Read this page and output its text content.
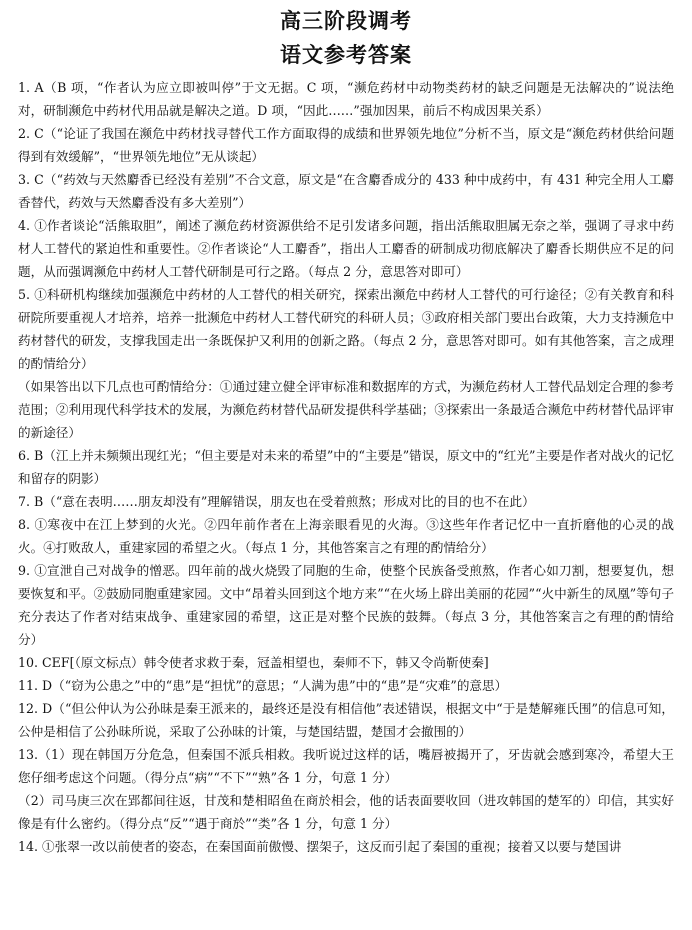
高三阶段调考
语文参考答案

1. A（B 项，“作者认为应立即被叫停”于文无据。C 项，“濒危药材中动物类药材的缺乏问题是无法解决的”说法绝对，研制濒危中药材代用品就是解决之道。D 项，“因此……”强加因果，前后不构成因果关系）

2. C（“论证了我国在濒危中药材找寻替代工作方面取得的成绩和世界领先地位”分析不当，原文是“濒危药材供给问题得到有效缓解”，“世界领先地位”无从谈起）

3. C（“药效与天然麝香已经没有差别”不合文意，原文是“在含麝香成分的 433 种中成药中，有 431 种完全用人工麝香替代，药效与天然麝香没有多大差别”）

4. ①作者谈论“活熊取胆”，阐述了濒危药材资源供给不足引发诸多问题，指出活熊取胆属无奈之举，强调了寻求中药材人工替代的紧迫性和重要性。②作者谈论“人工麝香”，指出人工麝香的研制成功彻底解决了麝香长期供应不足的问题，从而强调濒危中药材人工替代研制是可行之路。（每点 2 分，意思答对即可）

5. ①科研机构继续加强濒危中药材的人工替代的相关研究，探索出濒危中药材人工替代的可行途径；②有关教育和科研院所要重视人才培养，培养一批濒危中药材人工替代研究的科研人员；③政府相关部门要出台政策，大力支持濒危中药材替代的研发，支撑我国走出一条既保护又利用的创新之路。（每点 2 分，意思答对即可。如有其他答案，言之成理的酌情给分）

（如果答出以下几点也可酌情给分：①通过建立健全评审标准和数据库的方式，为濒危药材人工替代品划定合理的参考范围；②利用现代科学技术的发展，为濒危药材替代品研发提供科学基础；③探索出一条最适合濒危中药材替代品评审的新途径）

6. B（江上并未频频出现红光；“但主要是对未来的希望”中的“主要是”错误，原文中的“红光”主要是作者对战火的记忆和留存的阴影）

7. B（“意在表明……朋友却没有”理解错误，朋友也在受着煎熬；形成对比的目的也不在此）

8. ①寒夜中在江上梦到的火光。②四年前作者在上海亲眼看见的火海。③这些年作者记忆中一直折磨他的心灵的战火。④打败敌人，重建家园的希望之火。（每点 1 分，其他答案言之有理的酌情给分）

9. ①宣泄自己对战争的憎恶。四年前的战火烧毁了同胞的生命，使整个民族备受煎熬，作者心如刀割，想要复仇，想要恢复和平。②鼓励同胞重建家园。文中“昂着头回到这个地方来”“在火场上辟出美丽的花园”“火中新生的凤凰”等句子充分表达了作者对结束战争、重建家园的希望，这正是对整个民族的鼓舞。（每点 3 分，其他答案言之有理的酌情给分）

10. CEF[（原文标点）韩令使者求救于秦，冠盖相望也，秦师不下，韩又令尚靳使秦]

11. D（“窃为公患之”中的“患”是“担忧”的意思；“人满为患”中的“患”是“灾难”的意思）

12. D（“但公仲认为公孙昧是秦王派来的，最终还是没有相信他”表述错误，根据文中“于是楚解雍氏围”的信息可知，公仲是相信了公孙昧所说，采取了公孙昧的计策，与楚国结盟，楚国才会撤围的）

13.（1）现在韩国万分危急，但秦国不派兵相救。我听说过这样的话，嘴唇被揭开了，牙齿就会感到寒冷，希望大王您仔细考虑这个问题。（得分点“病”“不下”“熟”各 1 分，句意 1 分）

（2）司马庚三次在郢都间往返，甘茂和楚相昭鱼在商於相会，他的话表面要收回（进攻韩国的楚军的）印信，其实好像是有什么密约。（得分点“反”“遇于商於”“类”各 1 分，句意 1 分）

14. ①张翠一改以前使者的姿态，在秦国面前傲慢、摆架子，这反而引起了秦国的重视；接着又以要与楚国讲
